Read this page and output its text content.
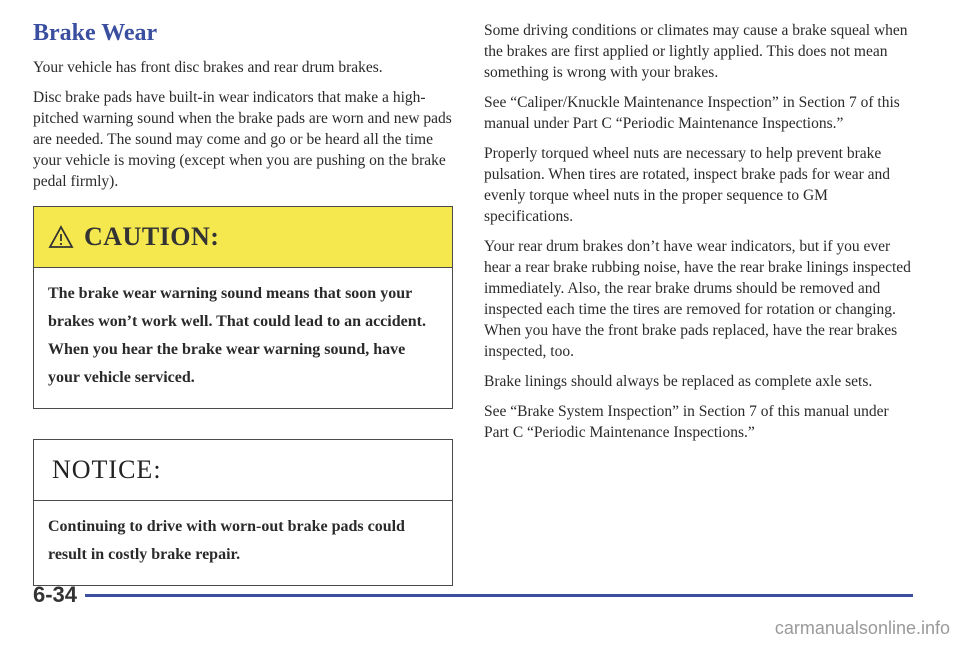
Brake Wear

Your vehicle has front disc brakes and rear drum brakes.

Disc brake pads have built-in wear indicators that make a high-pitched warning sound when the brake pads are worn and new pads are needed. The sound may come and go or be heard all the time your vehicle is moving (except when you are pushing on the brake pedal firmly).

CAUTION:

The brake wear warning sound means that soon your brakes won’t work well. That could lead to an accident. When you hear the brake wear warning sound, have your vehicle serviced.

NOTICE:

Continuing to drive with worn-out brake pads could result in costly brake repair.

Some driving conditions or climates may cause a brake squeal when the brakes are first applied or lightly applied. This does not mean something is wrong with your brakes.

See “Caliper/Knuckle Maintenance Inspection” in Section 7 of this manual under Part C “Periodic Maintenance Inspections.”

Properly torqued wheel nuts are necessary to help prevent brake pulsation. When tires are rotated, inspect brake pads for wear and evenly torque wheel nuts in the proper sequence to GM specifications.

Your rear drum brakes don’t have wear indicators, but if you ever hear a rear brake rubbing noise, have the rear brake linings inspected immediately. Also, the rear brake drums should be removed and inspected each time the tires are removed for rotation or changing. When you have the front brake pads replaced, have the rear brakes inspected, too.

Brake linings should always be replaced as complete axle sets.

See “Brake System Inspection” in Section 7 of this manual under Part C “Periodic Maintenance Inspections.”

6-34
carmanualsonline.info
